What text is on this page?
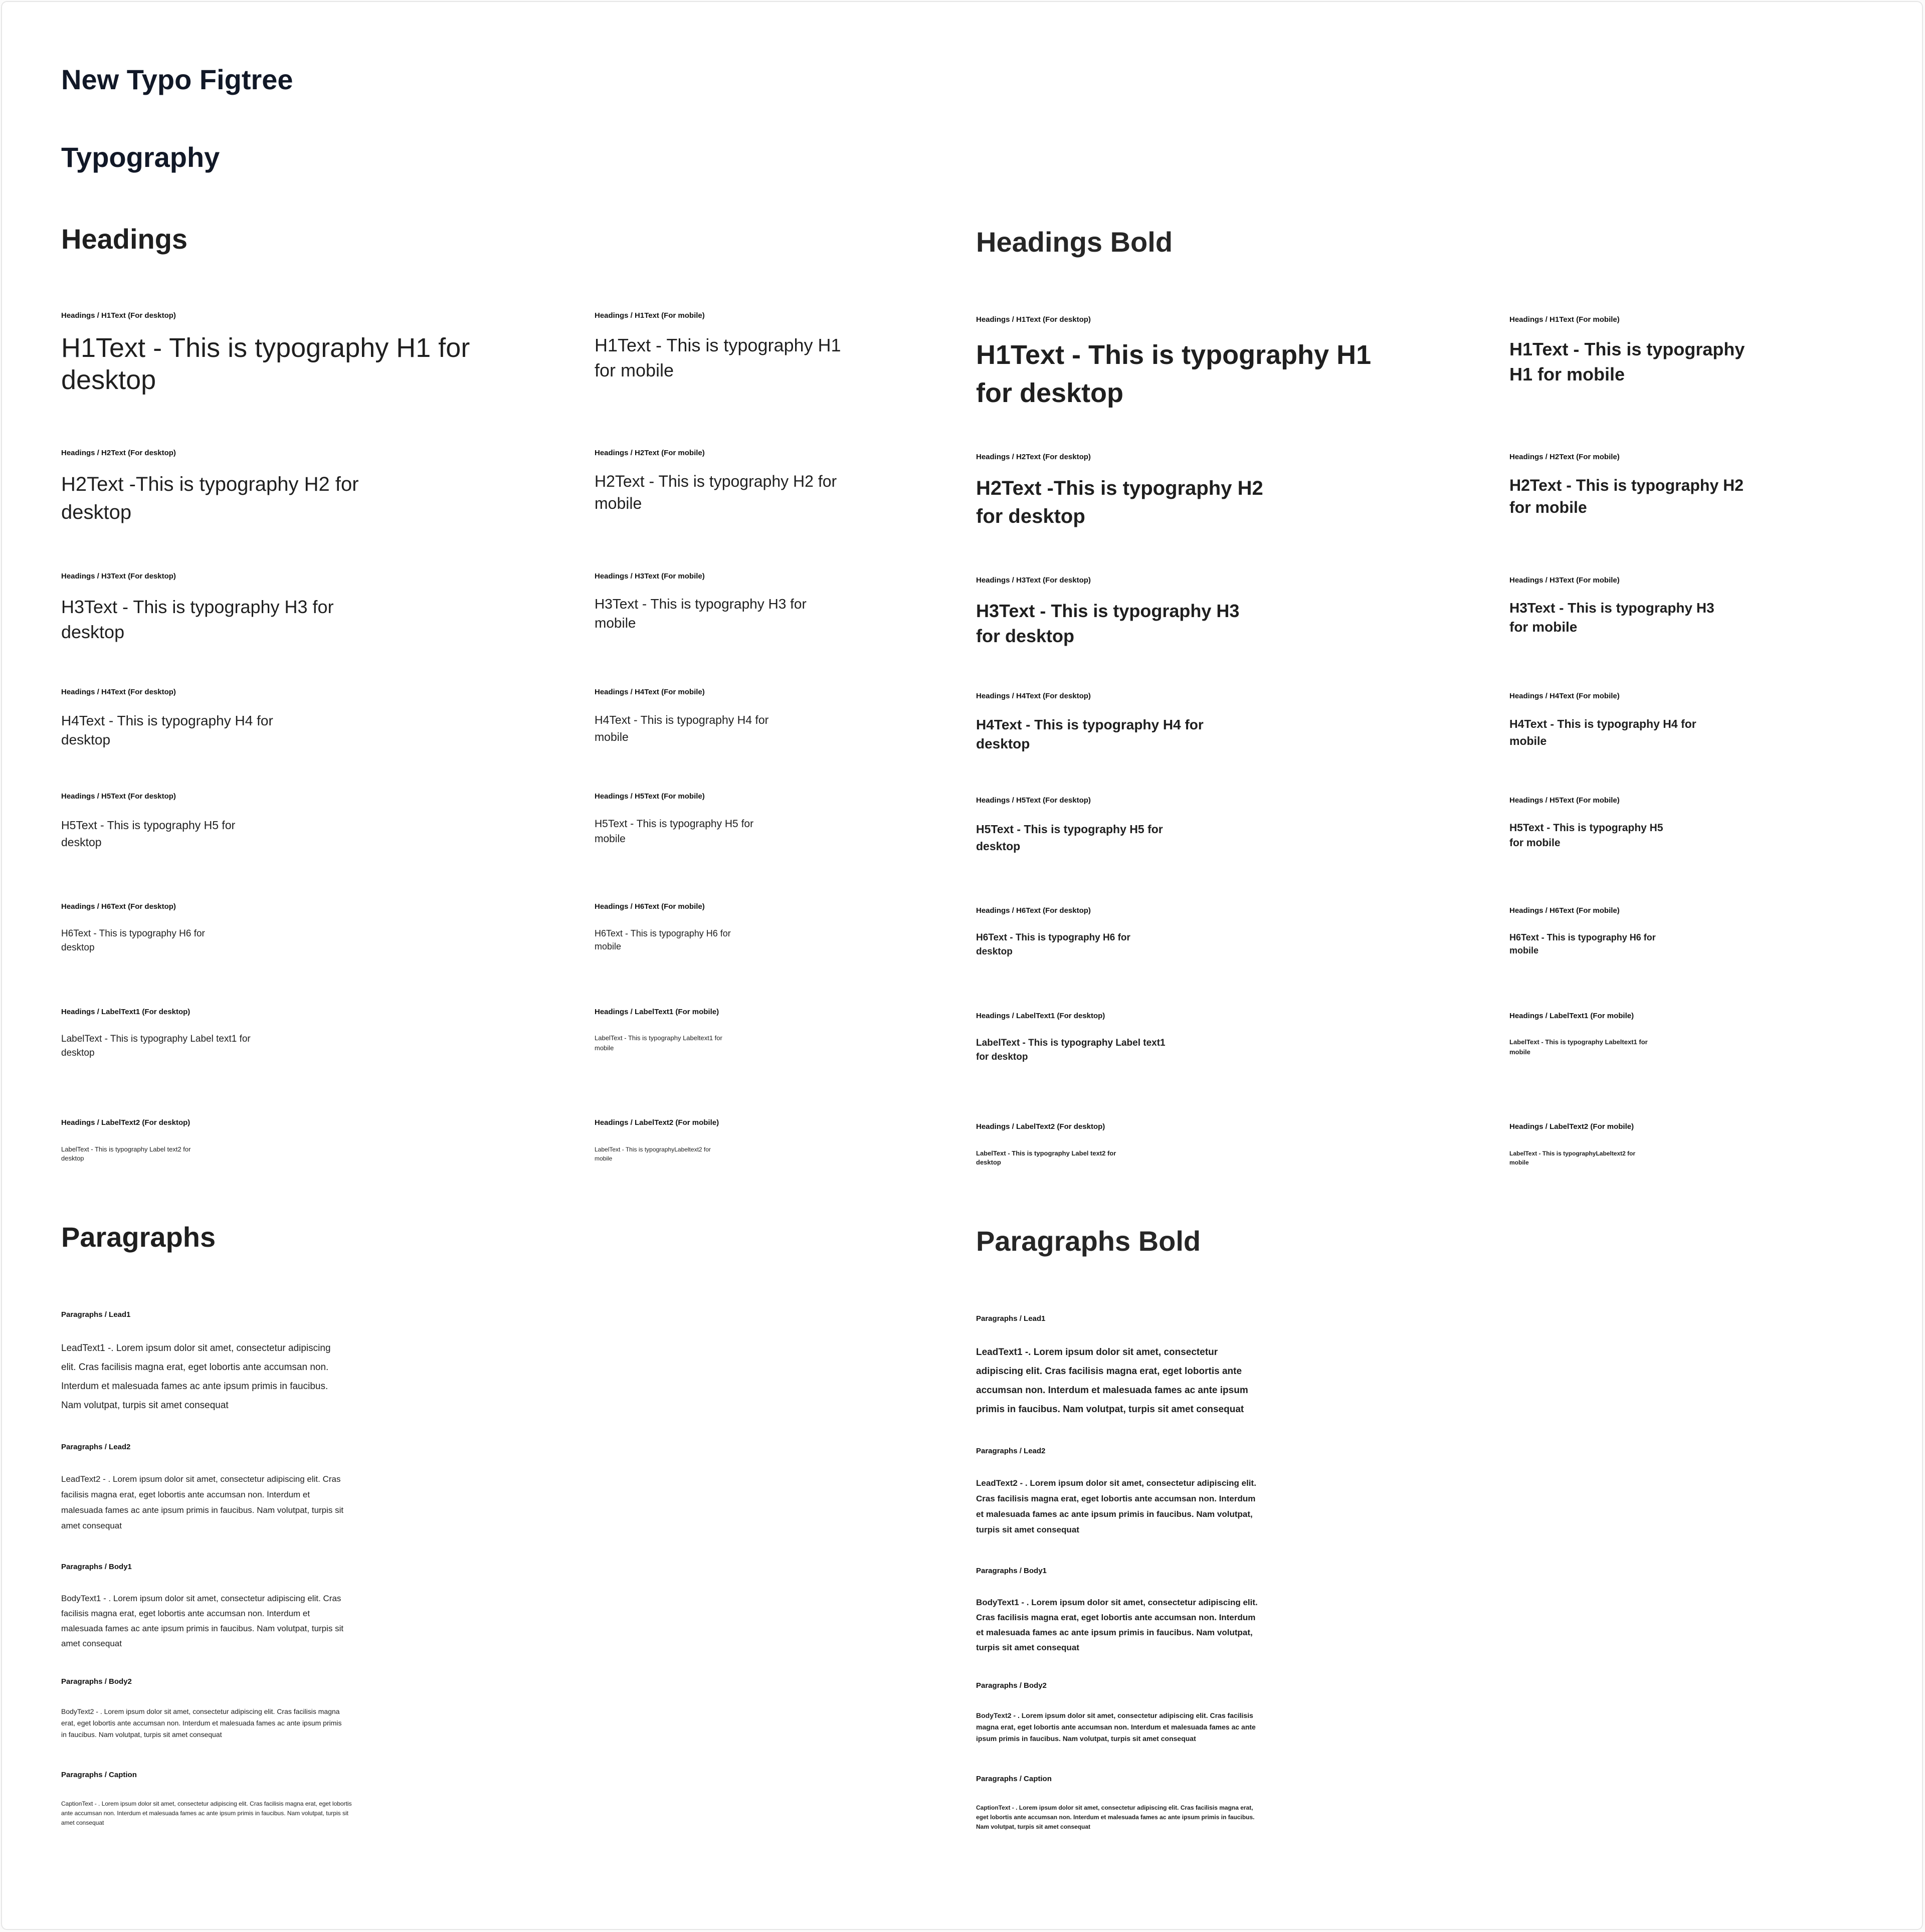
New Typo Figtree
Typography
Headings	Headings Bold
Paragraphs	Paragraphs Bold
Headings / H1Text (For desktop)
H1Text - This is typography H1 for desktop
Headings / H2Text (For desktop)
H2Text -This is typography H2 for desktop
Headings / H3Text (For desktop)
H3Text - This is typography H3 for desktop
Headings / H4Text (For desktop)
H4Text - This is typography H4 for desktop
Headings / H5Text (For desktop)
H5Text - This is typography H5 for desktop
Headings / H6Text (For desktop)
H6Text - This is typography H6 for desktop
Headings / LabelText1 (For desktop)
LabelText - This is typography Label text1 for desktop
Headings / LabelText2 (For desktop)
LabelText - This is typography Label text2 for desktop
Headings / H1Text (For mobile)
H1Text - This is typography H1 for mobile
Headings / H2Text (For mobile)
H2Text - This is typography H2 for mobile
Headings / H3Text (For mobile)
H3Text - This is typography H3 for mobile
Headings / H4Text (For mobile)
H4Text - This is typography H4 for mobile
Headings / H5Text (For mobile)
H5Text - This is typography H5 for mobile
Headings / H6Text (For mobile)
H6Text - This is typography H6 for mobile
Headings / LabelText1 (For mobile)
LabelText - This is typography Labeltext1 for mobile
Headings / LabelText2 (For mobile)
LabelText - This is typographyLabeltext2 for mobile
Headings / H1Text (For desktop)
H1Text - This is typography H1 for desktop
Headings / H2Text (For desktop)
H2Text -This is typography H2 for desktop
Headings / H3Text (For desktop)
H3Text - This is typography H3 for desktop
Headings / H4Text (For desktop)
H4Text - This is typography H4 for desktop
Headings / H5Text (For desktop)
H5Text - This is typography H5 for desktop
Headings / H6Text (For desktop)
H6Text - This is typography H6 for desktop
Headings / LabelText1 (For desktop)
LabelText - This is typography Label text1 for desktop
Headings / LabelText2 (For desktop)
LabelText - This is typography Label text2 for desktop
Headings / H1Text (For mobile)
H1Text - This is typography H1 for mobile
Headings / H2Text (For mobile)
H2Text - This is typography H2 for mobile
Headings / H3Text (For mobile)
H3Text - This is typography H3 for mobile
Headings / H4Text (For mobile)
H4Text - This is typography H4 for mobile
Headings / H5Text (For mobile)
H5Text - This is typography H5 for mobile
Headings / H6Text (For mobile)
H6Text - This is typography H6 for mobile
Headings / LabelText1 (For mobile)
LabelText - This is typography Labeltext1 for mobile
Headings / LabelText2 (For mobile)
LabelText - This is typographyLabeltext2 for mobile
Paragraphs / Lead1
LeadText1 -. Lorem ipsum dolor sit amet, consectetur adipiscing elit. Cras facilisis magna erat, eget lobortis ante accumsan non. Interdum et malesuada fames ac ante ipsum primis in faucibus. Nam volutpat, turpis sit amet consequat
Paragraphs / Lead2
LeadText2 - . Lorem ipsum dolor sit amet, consectetur adipiscing elit. Cras facilisis magna erat, eget lobortis ante accumsan non. Interdum et malesuada fames ac ante ipsum primis in faucibus. Nam volutpat, turpis sit amet consequat
Paragraphs / Body1
BodyText1 - . Lorem ipsum dolor sit amet, consectetur adipiscing elit. Cras facilisis magna erat, eget lobortis ante accumsan non. Interdum et malesuada fames ac ante ipsum primis in faucibus. Nam volutpat, turpis sit amet consequat
Paragraphs / Body2
BodyText2 - . Lorem ipsum dolor sit amet, consectetur adipiscing elit. Cras facilisis magna erat, eget lobortis ante accumsan non. Interdum et malesuada fames ac ante ipsum primis in faucibus. Nam volutpat, turpis sit amet consequat
Paragraphs / Caption
CaptionText - . Lorem ipsum dolor sit amet, consectetur adipiscing elit. Cras facilisis magna erat, eget lobortis ante accumsan non. Interdum et malesuada fames ac ante ipsum primis in faucibus. Nam volutpat, turpis sit amet consequat
Paragraphs / Lead1
LeadText1 -. Lorem ipsum dolor sit amet, consectetur adipiscing elit. Cras facilisis magna erat, eget lobortis ante accumsan non. Interdum et malesuada fames ac ante ipsum primis in faucibus. Nam volutpat, turpis sit amet consequat
Paragraphs / Lead2
LeadText2 - . Lorem ipsum dolor sit amet, consectetur adipiscing elit. Cras facilisis magna erat, eget lobortis ante accumsan non. Interdum et malesuada fames ac ante ipsum primis in faucibus. Nam volutpat, turpis sit amet consequat
Paragraphs / Body1
BodyText1 - . Lorem ipsum dolor sit amet, consectetur adipiscing elit. Cras facilisis magna erat, eget lobortis ante accumsan non. Interdum et malesuada fames ac ante ipsum primis in faucibus. Nam volutpat, turpis sit amet consequat
Paragraphs / Body2
BodyText2 - . Lorem ipsum dolor sit amet, consectetur adipiscing elit. Cras facilisis magna erat, eget lobortis ante accumsan non. Interdum et malesuada fames ac ante ipsum primis in faucibus. Nam volutpat, turpis sit amet consequat
Paragraphs / Caption
CaptionText - . Lorem ipsum dolor sit amet, consectetur adipiscing elit. Cras facilisis magna erat, eget lobortis ante accumsan non. Interdum et malesuada fames ac ante ipsum primis in faucibus. Nam volutpat, turpis sit amet consequat
